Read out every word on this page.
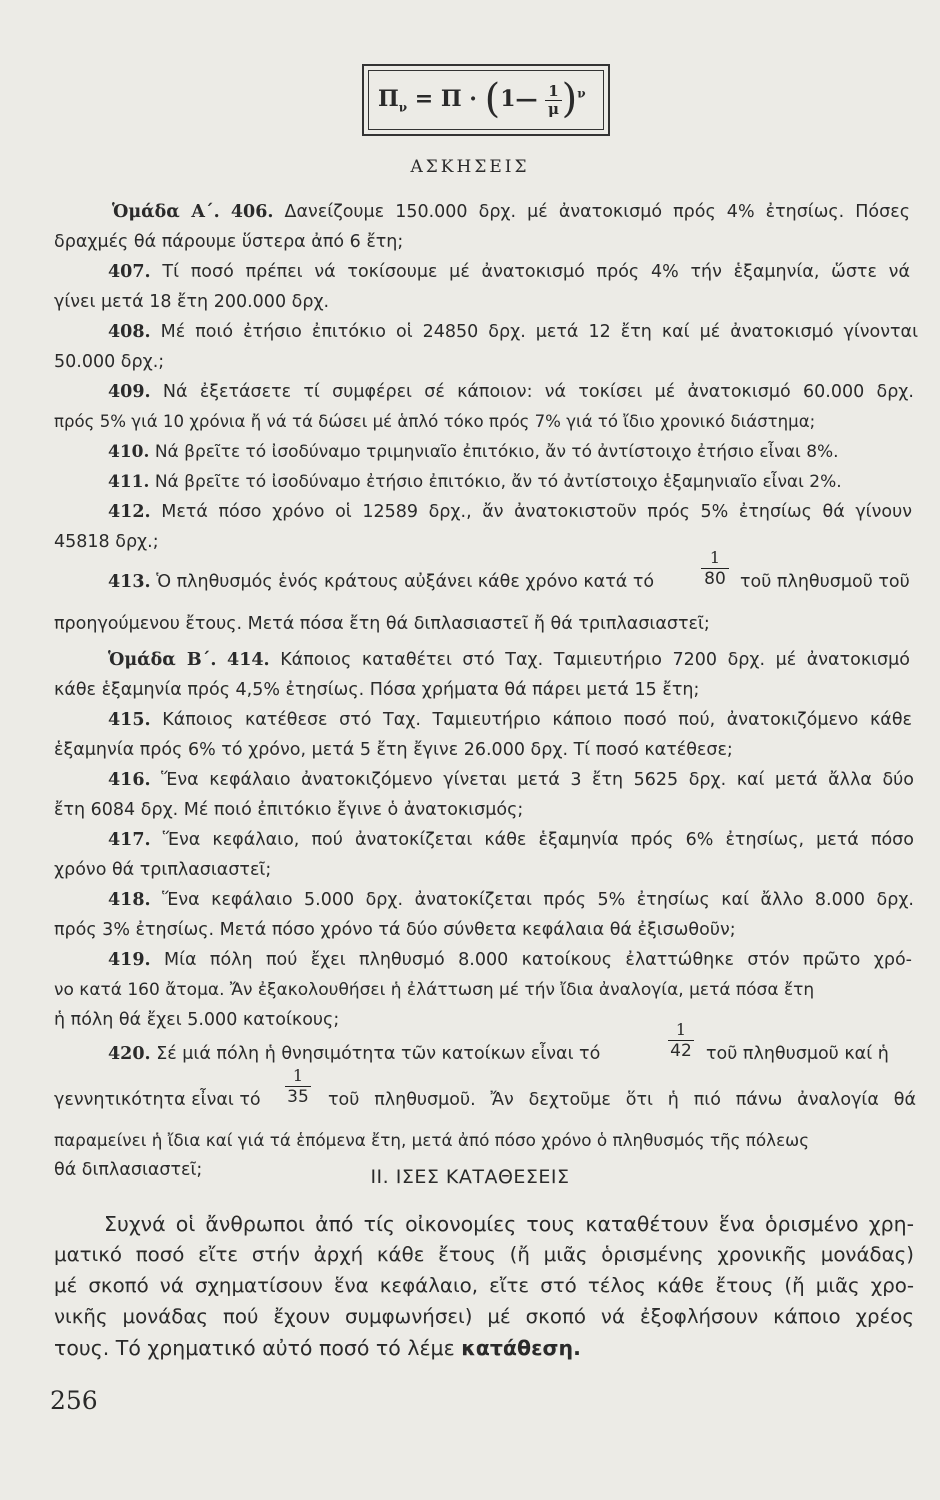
$\Pi_\nu = \Pi$ · (1— $\frac{1}{\mu} )^\nu$
ΑΣΚΗΣΕΙΣ
Ὁμάδα Α΄. 406. Δανείζουμε 150.000 δρχ. μέ ἀνατοκισμό πρός 4% ἐτησίως. Πόσες
δραχμές θά πάρουμε ὕστερα ἀπό 6 ἔτη;
407. Τί ποσό πρέπει νά τοκίσουμε μέ ἀνατοκισμό πρός 4% τήν ἑξαμηνία, ὥστε νά
γίνει μετά 18 ἔτη 200.000 δρχ.
408. Μέ ποιό ἐτήσιο ἐπιτόκιο οἱ 24850 δρχ. μετά 12 ἔτη καί μέ ἀνατοκισμό γίνονται
50.000 δρχ.;
409. Νά ἐξετάσετε τί συμφέρει σέ κάποιον: νά τοκίσει μέ ἀνατοκισμό 60.000 δρχ.
πρός 5% γιά 10 χρόνια ἤ νά τά δώσει μέ ἁπλό τόκο πρός 7% γιά τό ἴδιο χρονικό διάστημα;
410. Νά βρεῖτε τό ἰσοδύναμο τριμηνιαῖο ἐπιτόκιο, ἄν τό ἀντίστοιχο ἐτήσιο εἶναι 8%.
411. Νά βρεῖτε τό ἰσοδύναμο ἐτήσιο ἐπιτόκιο, ἄν τό ἀντίστοιχο ἑξαμηνιαῖο εἶναι 2%.
412. Μετά πόσο χρόνο οἱ 12589 δρχ., ἄν ἀνατοκιστοῦν πρός 5% ἐτησίως θά γίνουν
45818 δρχ.;
413. Ὁ πληθυσμός ἑνός κράτους αὐξάνει κάθε χρόνο κατά τό
1
80 τοῦ πληθυσμοῦ τοῦ
προηγούμενου ἔτους. Μετά πόσα ἔτη θά διπλασιαστεῖ ἤ θά τριπλασιαστεῖ;
Ὁμάδα Β΄. 414. Κάποιος καταθέτει στό Ταχ. Ταμιευτήριο 7200 δρχ. μέ ἀνατοκισμό
κάθε ἑξαμηνία πρός 4,5% ἐτησίως. Πόσα χρήματα θά πάρει μετά 15 ἔτη;
415. Κάποιος κατέθεσε στό Ταχ. Ταμιευτήριο κάποιο ποσό πού, ἀνατοκιζόμενο κάθε
ἑξαμηνία πρός 6% τό χρόνο, μετά 5 ἔτη ἔγινε 26.000 δρχ. Τί ποσό κατέθεσε;
416. Ἕνα κεφάλαιο ἀνατοκιζόμενο γίνεται μετά 3 ἔτη 5625 δρχ. καί μετά ἄλλα δύο
ἔτη 6084 δρχ. Μέ ποιό ἐπιτόκιο ἔγινε ὁ ἀνατοκισμός;
417. Ἕνα κεφάλαιο, πού ἀνατοκίζεται κάθε ἑξαμηνία πρός 6% ἐτησίως, μετά πόσο
χρόνο θά τριπλασιαστεῖ;
418. Ἕνα κεφάλαιο 5.000 δρχ. ἀνατοκίζεται πρός 5% ἐτησίως καί ἄλλο 8.000 δρχ.
πρός 3% ἐτησίως. Μετά πόσο χρόνο τά δύο σύνθετα κεφάλαια θά ἐξισωθοῦν;
419. Μία πόλη πού ἔχει πληθυσμό 8.000 κατοίκους ἐλαττώθηκε στόν πρῶτο χρό-
νο κατά 160 ἄτομα. Ἄν ἐξακολουθήσει ἡ ἐλάττωση μέ τήν ἴδια ἀναλογία, μετά πόσα ἔτη
ἡ πόλη θά ἔχει 5.000 κατοίκους;
420. Σέ μιά πόλη ἡ θνησιμότητα τῶν κατοίκων εἶναι τό
1
42 τοῦ πληθυσμοῦ καί ἡ
γεννητικότητα εἶναι τό
1
35 τοῦ πληθυσμοῦ. Ἄν δεχτοῦμε ὅτι ἡ πιό πάνω ἀναλογία θά
παραμείνει ἡ ἴδια καί γιά τά ἑπόμενα ἔτη, μετά ἀπό πόσο χρόνο ὁ πληθυσμός τῆς πόλεως
θά διπλασιαστεῖ;	II. ΙΣΕΣ ΚΑΤΑΘΕΣΕΙΣ
Συχνά οἱ ἄνθρωποι ἀπό τίς οἰκονομίες τους καταθέτουν ἕνα ὁρισμένο χρη-
ματικό ποσό εἴτε στήν ἀρχή κάθε ἔτους (ἤ μιᾶς ὁρισμένης χρονικῆς μονάδας)
μέ σκοπό νά σχηματίσουν ἕνα κεφάλαιο, εἴτε στό τέλος κάθε ἔτους (ἤ μιᾶς χρο-
νικῆς μονάδας πού ἔχουν συμφωνήσει) μέ σκοπό νά ἐξοφλήσουν κάποιο χρέος
τους. Τό χρηματικό αὐτό ποσό τό λέμε κατάθεση.
256
